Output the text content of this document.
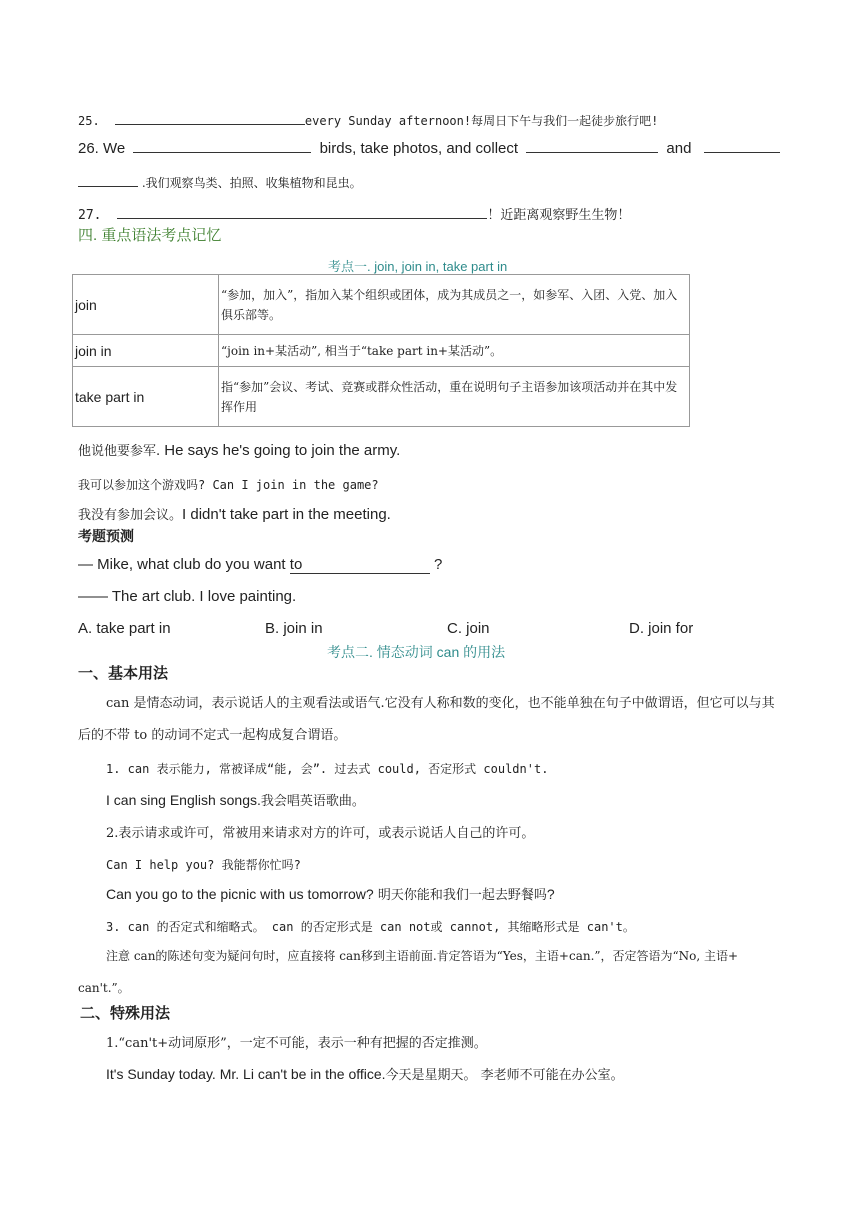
25.	every Sunday afternoon!每周日下午与我们一起徒步旅行吧!
26. We	birds, take photos, and collect	and
.我们观察鸟类、拍照、收集植物和昆虫。
27.	！近距离观察野生生物！
四. 重点语法考点记忆
考点一. join, join in, take part in
join	“参加，加入”，指加入某个组织或团体，成为其成员之一，如参军、入团、入党、加入俱乐部等。
join in	“join in+某活动”, 相当于“take part in+某活动”。
take part in	指“参加”会议、考试、竞赛或群众性活动，重在说明句子主语参加该项活动并在其中发挥作用
他说他要参军. He says he's going to join the army.
我可以参加这个游戏吗? Can I join in the game?
我没有参加会议。I didn't take part in the meeting.
考题预测
— Mike, what club do you want to	?
—— The art club. I love painting.
A. take part in	B. join in	C. join	D. join for
考点二. 情态动词 can 的用法
一、基本用法
can 是情态动词，表示说话人的主观看法或语气.它没有人称和数的变化，也不能单独在句子中做谓语，但它可以与其后的不带 to 的动词不定式一起构成复合谓语。
1. can 表示能力, 常被译成“能, 会”. 过去式 could, 否定形式 couldn't.
I can sing English songs.我会唱英语歌曲。
2.表示请求或许可，常被用来请求对方的许可，或表示说话人自己的许可。
Can I help you? 我能帮你忙吗?
Can you go to the picnic with us tomorrow? 明天你能和我们一起去野餐吗?
3. can 的否定式和缩略式。 can 的否定形式是 can not或 cannot, 其缩略形式是 can't。
注意 can的陈述句变为疑问句时，应直接将 can移到主语前面.肯定答语为“Yes，主语+can.”，否定答语为“No, 主语+ can't.”。
二、特殊用法
1.“can't+动词原形”，一定不可能，表示一种有把握的否定推测。
It's Sunday today. Mr. Li can't be in the office.今天是星期天。 李老师不可能在办公室。
